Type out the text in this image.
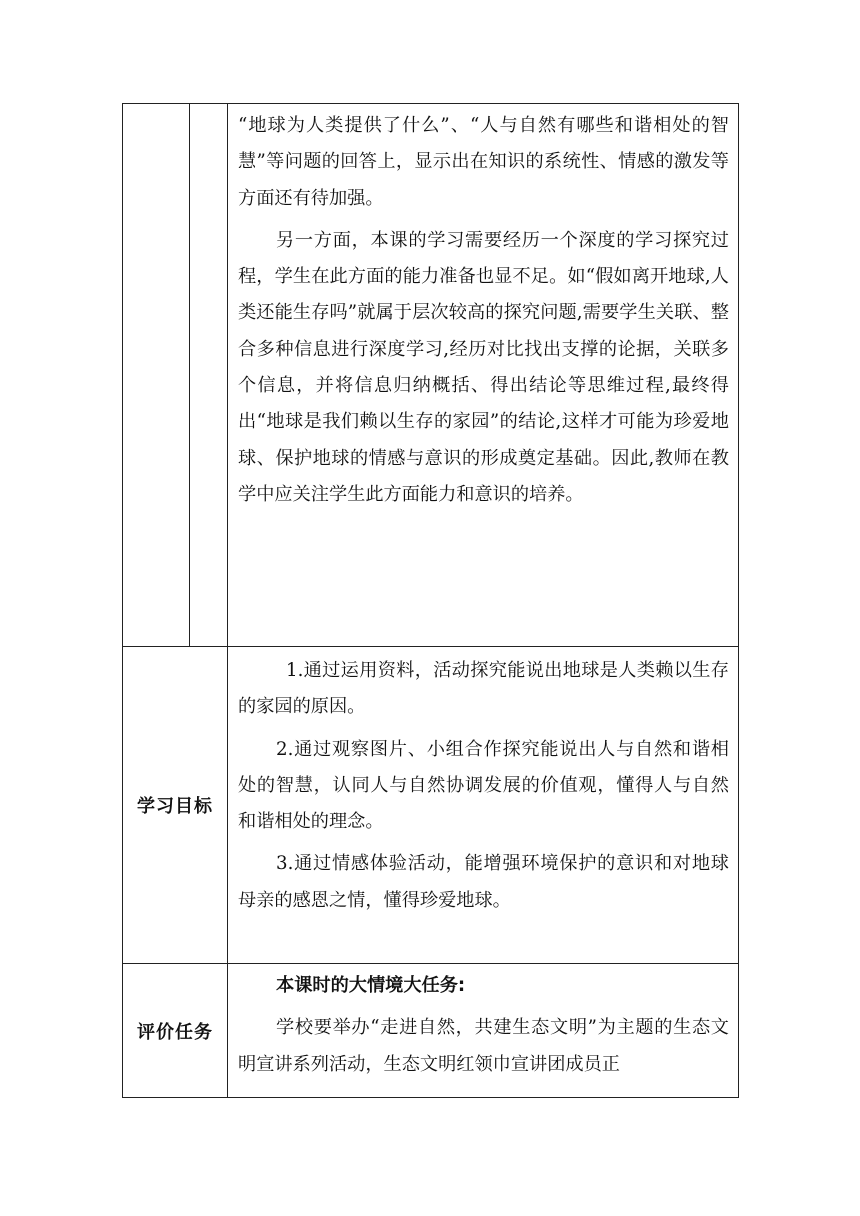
		“地球为人类提供了什么”、“人与自然有哪些和谐相处的智慧”等问题的回答上，显示出在知识的系统性、情感的激发等方面还有待加强。

另一方面，本课的学习需要经历一个深度的学习探究过程，学生在此方面的能力准备也显不足。如“假如离开地球,人类还能生存吗”就属于层次较高的探究问题,需要学生关联、整合多种信息进行深度学习,经历对比找出支撑的论据，关联多个信息，并将信息归纳概括、得出结论等思维过程,最终得出“地球是我们赖以生存的家园”的结论,这样才可能为珍爱地球、保护地球的情感与意识的形成奠定基础。因此,教师在教学中应关注学生此方面能力和意识的培养。

学习目标		1.通过运用资料，活动探究能说出地球是人类赖以生存的家园的原因。

2.通过观察图片、小组合作探究能说出人与自然和谐相处的智慧，认同人与自然协调发展的价值观，懂得人与自然和谐相处的理念。

3.通过情感体验活动，能增强环境保护的意识和对地球母亲的感恩之情，懂得珍爱地球。

评价任务		本课时的大情境大任务:

学校要举办“走进自然，共建生态文明”为主题的生态文明宣讲系列活动，生态文明红领巾宣讲团成员正
